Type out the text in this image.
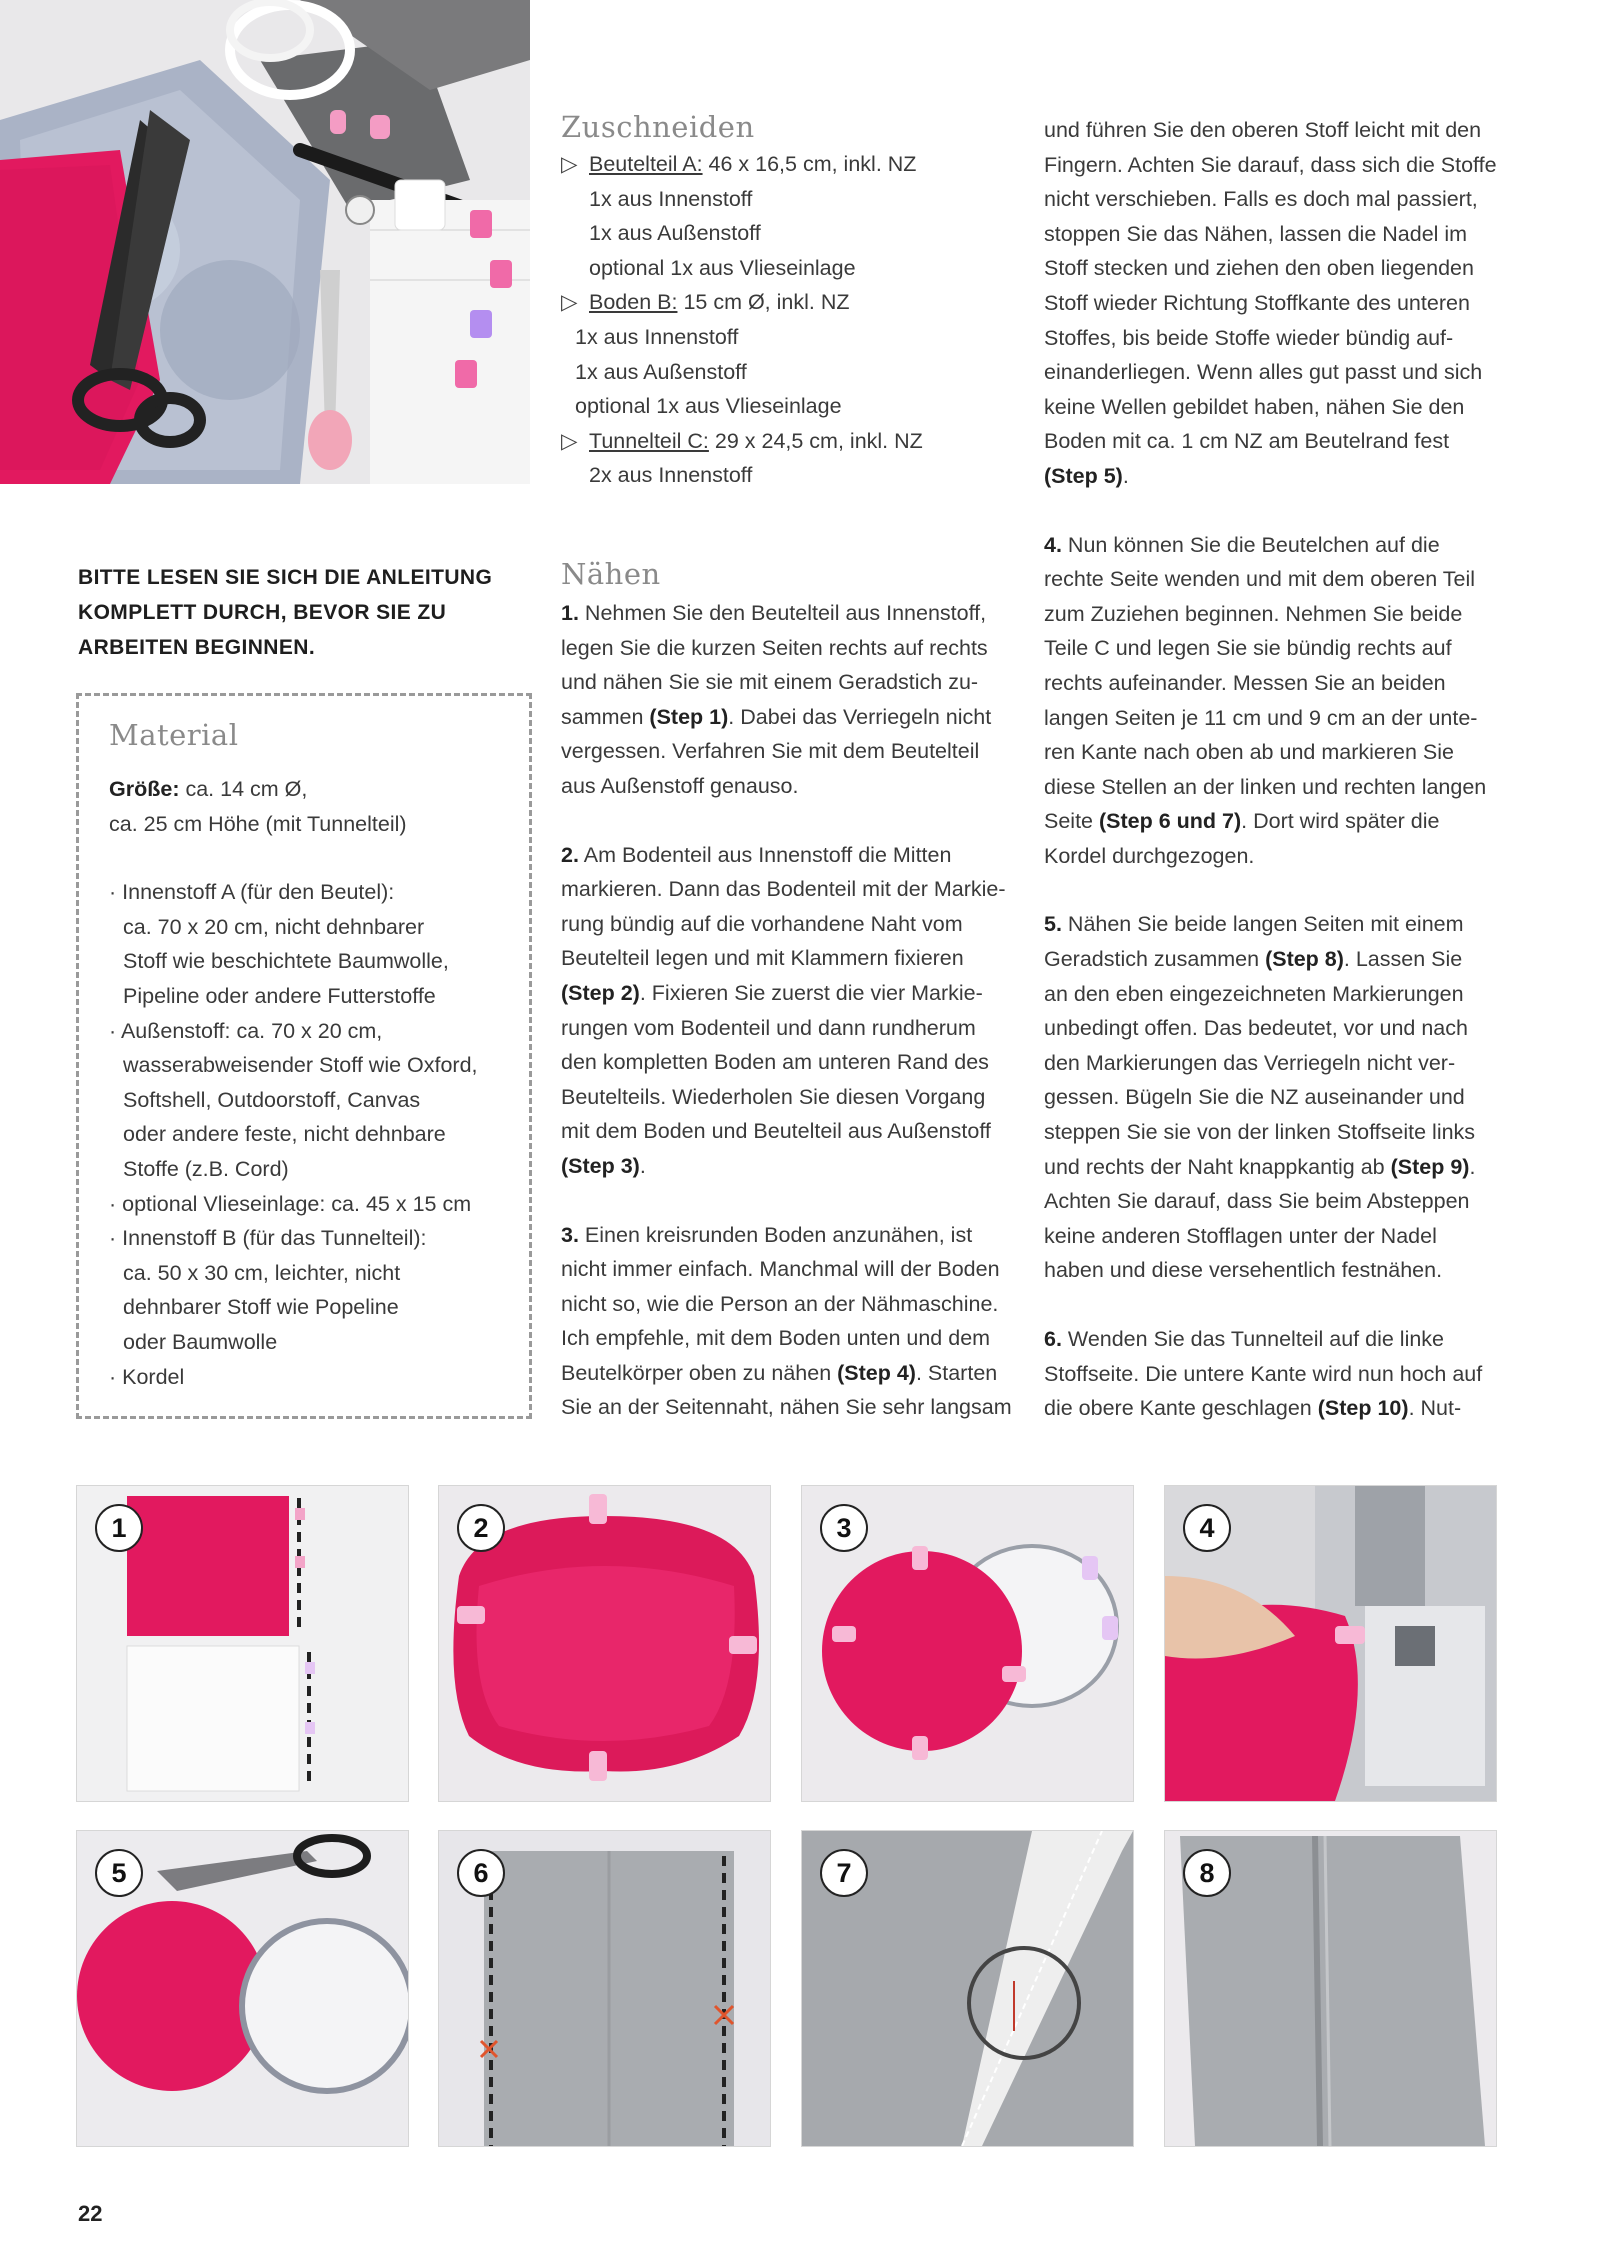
Zuschneiden

▷ Beutelteil A: 46 x 16,5 cm, inkl. NZ

1x aus Innenstoff

1x aus Außenstoff

optional 1x aus Vlieseinlage

▷ Boden B: 15 cm Ø, inkl. NZ

1x aus Innenstoff

1x aus Außenstoff

optional 1x aus Vlieseinlage

▷ Tunnelteil C: 29 x 24,5 cm, inkl. NZ

2x aus Innenstoff

BITTE LESEN SIE SICH DIE ANLEITUNG
KOMPLETT DURCH, BEVOR SIE ZU
ARBEITEN BEGINNEN.
Material
Größe: ca. 14 cm Ø,
ca. 25 cm Höhe (mit Tunnelteil)

· Innenstoff A (für den Beutel):

ca. 70 x 20 cm, nicht dehnbarer
Stoff wie beschichtete Baumwolle,
Pipeline oder andere Futterstoffe

· Außenstoff: ca. 70 x 20 cm,

wasserabweisender Stoff wie Oxford,
Softshell, Outdoorstoff, Canvas
oder andere feste, nicht dehnbare
Stoffe (z.B. Cord)

· optional Vlieseinlage: ca. 45 x 15 cm

· Innenstoff B (für das Tunnelteil):

ca. 50 x 30 cm, leichter, nicht
dehnbarer Stoff wie Popeline
oder Baumwolle

· Kordel

Nähen
1. Nehmen Sie den Beutelteil aus Innenstoff,
legen Sie die kurzen Seiten rechts auf rechts
und nähen Sie sie mit einem Geradstich zu-
sammen (Step 1). Dabei das Verriegeln nicht
vergessen. Verfahren Sie mit dem Beutelteil
aus Außenstoff genauso.
2. Am Bodenteil aus Innenstoff die Mitten
markieren. Dann das Bodenteil mit der Markie-
rung bündig auf die vorhandene Naht vom
Beutelteil legen und mit Klammern fixieren
(Step 2). Fixieren Sie zuerst die vier Markie-
rungen vom Bodenteil und dann rundherum
den kompletten Boden am unteren Rand des
Beutelteils. Wiederholen Sie diesen Vorgang
mit dem Boden und Beutelteil aus Außenstoff
(Step 3).
3. Einen kreisrunden Boden anzunähen, ist
nicht immer einfach. Manchmal will der Boden
nicht so, wie die Person an der Nähmaschine.
Ich empfehle, mit dem Boden unten und dem
Beutelkörper oben zu nähen (Step 4). Starten
Sie an der Seitennaht, nähen Sie sehr langsam
und führen Sie den oberen Stoff leicht mit den
Fingern. Achten Sie darauf, dass sich die Stoffe
nicht verschieben. Falls es doch mal passiert,
stoppen Sie das Nähen, lassen die Nadel im
Stoff stecken und ziehen den oben liegenden
Stoff wieder Richtung Stoffkante des unteren
Stoffes, bis beide Stoffe wieder bündig auf-
einanderliegen. Wenn alles gut passt und sich
keine Wellen gebildet haben, nähen Sie den
Boden mit ca. 1 cm NZ am Beutelrand fest
(Step 5).
4. Nun können Sie die Beutelchen auf die
rechte Seite wenden und mit dem oberen Teil
zum Zuziehen beginnen. Nehmen Sie beide
Teile C und legen Sie sie bündig rechts auf
rechts aufeinander. Messen Sie an beiden
langen Seiten je 11 cm und 9 cm an der unte-
ren Kante nach oben ab und markieren Sie
diese Stellen an der linken und rechten langen
Seite (Step 6 und 7). Dort wird später die
Kordel durchgezogen.
5. Nähen Sie beide langen Seiten mit einem
Geradstich zusammen (Step 8). Lassen Sie
an den eben eingezeichneten Markierungen
unbedingt offen. Das bedeutet, vor und nach
den Markierungen das Verriegeln nicht ver-
gessen. Bügeln Sie die NZ auseinander und
steppen Sie sie von der linken Stoffseite links
und rechts der Naht knappkantig ab (Step 9).
Achten Sie darauf, dass Sie beim Absteppen
keine anderen Stofflagen unter der Nadel
haben und diese versehentlich festnähen.
6. Wenden Sie das Tunnelteil auf die linke
Stoffseite. Die untere Kante wird nun hoch auf
die obere Kante geschlagen (Step 10). Nut-
1	2	3	4
5	6	7	8
22
